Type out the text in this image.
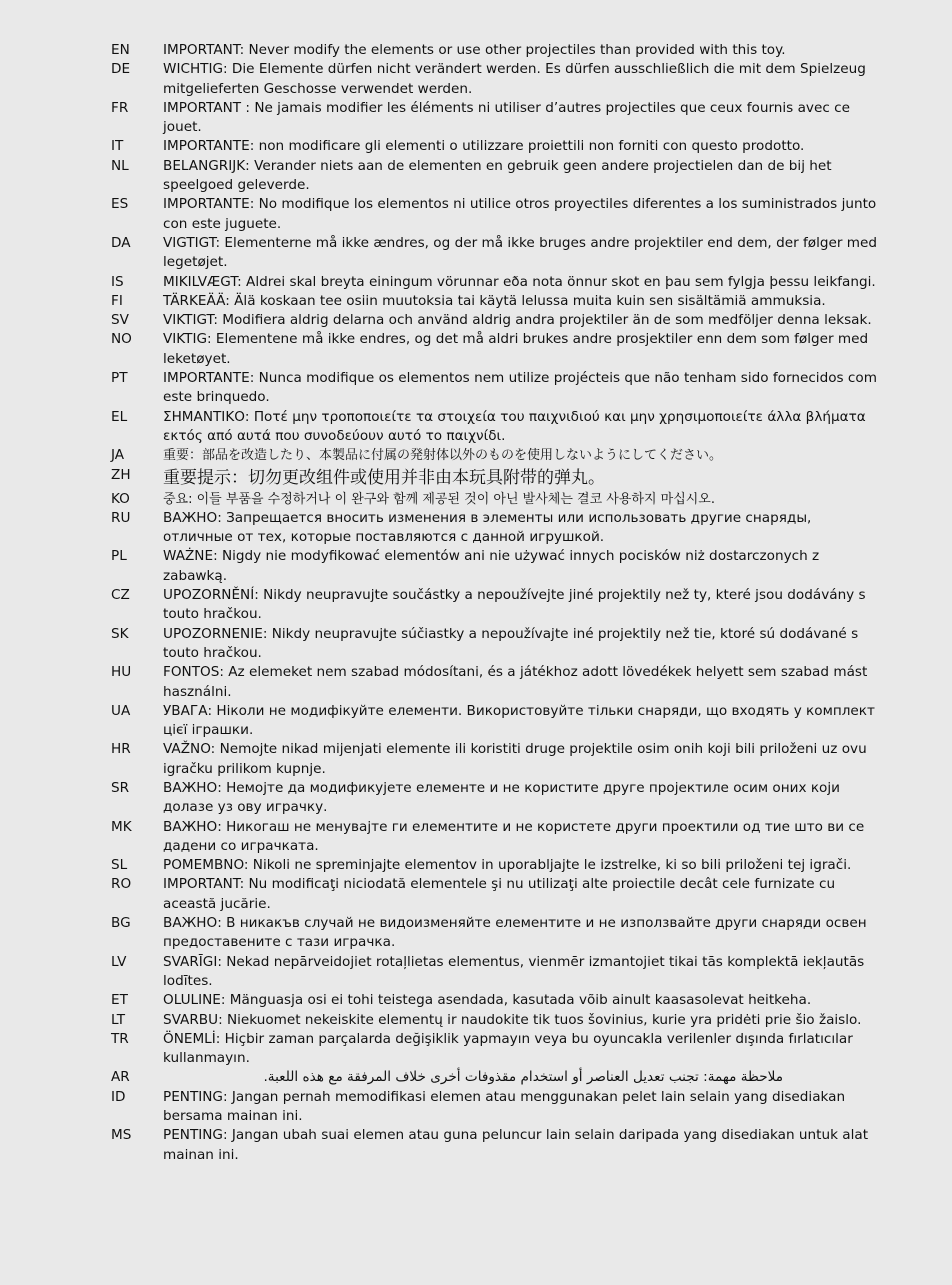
EN	IMPORTANT: Never modify the elements or use other projectiles than provided with this toy.
DE	WICHTIG: Die Elemente dürfen nicht verändert werden. Es dürfen ausschließlich die mit dem Spielzeug mitgelieferten Geschosse verwendet werden.
FR	IMPORTANT : Ne jamais modifier les éléments ni utiliser d’autres projectiles que ceux fournis avec ce jouet.
IT	IMPORTANTE: non modificare gli elementi o utilizzare proiettili non forniti con questo prodotto.
NL	BELANGRIJK: Verander niets aan de elementen en gebruik geen andere projectielen dan de bij het speelgoed geleverde.
ES	IMPORTANTE: No modifique los elementos ni utilice otros proyectiles diferentes a los suministrados junto con este juguete.
DA	VIGTIGT: Elementerne må ikke ændres, og der må ikke bruges andre projektiler end dem, der følger med legetøjet.
IS	MIKILVÆGT: Aldrei skal breyta einingum vörunnar eða nota önnur skot en þau sem fylgja þessu leikfangi.
FI	TÄRKEÄÄ: Älä koskaan tee osiin muutoksia tai käytä lelussa muita kuin sen sisältämiä ammuksia.
SV	VIKTIGT: Modifiera aldrig delarna och använd aldrig andra projektiler än de som medföljer denna leksak.
NO	VIKTIG: Elementene må ikke endres, og det må aldri brukes andre prosjektiler enn dem som følger med leketøyet.
PT	IMPORTANTE: Nunca modifique os elementos nem utilize projécteis que não tenham sido fornecidos com este brinquedo.
EL	ΣΗΜΑΝΤΙΚΟ: Ποτέ μην τροποποιείτε τα στοιχεία του παιχνιδιού και μην χρησιμοποιείτε άλλα βλήματα εκτός από αυτά που συνοδεύουν αυτό το παιχνίδι.
JA	重要：部品を改造したり、本製品に付属の発射体以外のものを使用しないようにしてください。
ZH	重要提示：切勿更改组件或使用并非由本玩具附带的弹丸。
KO	중요: 이들 부품을 수정하거나 이 완구와 함께 제공된 것이 아닌 발사체는 결코 사용하지 마십시오.
RU	ВАЖНО: Запрещается вносить изменения в элементы или использовать другие снаряды, отличные от тех, которые поставляются с данной игрушкой.
PL	WAŻNE: Nigdy nie modyfikować elementów ani nie używać innych pocisków niż dostarczonych z zabawką.
CZ	UPOZORNĚNÍ: Nikdy neupravujte součástky a nepoužívejte jiné projektily než ty, které jsou dodávány s touto hračkou.
SK	UPOZORNENIE: Nikdy neupravujte súčiastky a nepoužívajte iné projektily než tie, ktoré sú dodávané s touto hračkou.
HU	FONTOS: Az elemeket nem szabad módosítani, és a játékhoz adott lövedékek helyett sem szabad mást használni.
UA	УВАГА: Ніколи не модифікуйте елементи. Використовуйте тільки снаряди, що входять у комплект цієї іграшки.
HR	VAŽNO: Nemojte nikad mijenjati elemente ili koristiti druge projektile osim onih koji bili priloženi uz ovu igračku prilikom kupnje.
SR	ВАЖНО: Немојте да модификујете елементе и не користите друге пројектиле осим оних који долазе уз ову играчку.
MK	ВАЖНО: Никогаш не менувајте ги елементите и не користете други проектили од тие што ви се дадени со играчката.
SL	POMEMBNO: Nikoli ne spreminjajte elementov in uporabljajte le izstrelke, ki so bili priloženi tej igrači.
RO	IMPORTANT: Nu modificaţi niciodată elementele şi nu utilizaţi alte proiectile decât cele furnizate cu această jucărie.
BG	ВАЖНО: В никакъв случай не видоизменяйте елементите и не използвайте други снаряди освен предоставените с тази играчка.
LV	SVARĪGI: Nekad nepārveidojiet rotaļlietas elementus, vienmēr izmantojiet tikai tās komplektā iekļautās lodītes.
ET	OLULINE: Mänguasja osi ei tohi teistega asendada, kasutada võib ainult kaasasolevat heitkeha.
LT	SVARBU: Niekuomet nekeiskite elementų ir naudokite tik tuos šovinius, kurie yra pridėti prie šio žaislo.
TR	ÖNEMLİ: Hiçbir zaman parçalarda değişiklik yapmayın veya bu oyuncakla verilenler dışında fırlatıcılar kullanmayın.
AR	ملاحظة مهمة: تجنب تعديل العناصر أو استخدام مقذوفات أخرى خلاف المرفقة مع هذه اللعبة.
ID	PENTING: Jangan pernah memodifikasi elemen atau menggunakan pelet lain selain yang disediakan bersama mainan ini.
MS	PENTING: Jangan ubah suai elemen atau guna peluncur lain selain daripada yang disediakan untuk alat mainan ini.
